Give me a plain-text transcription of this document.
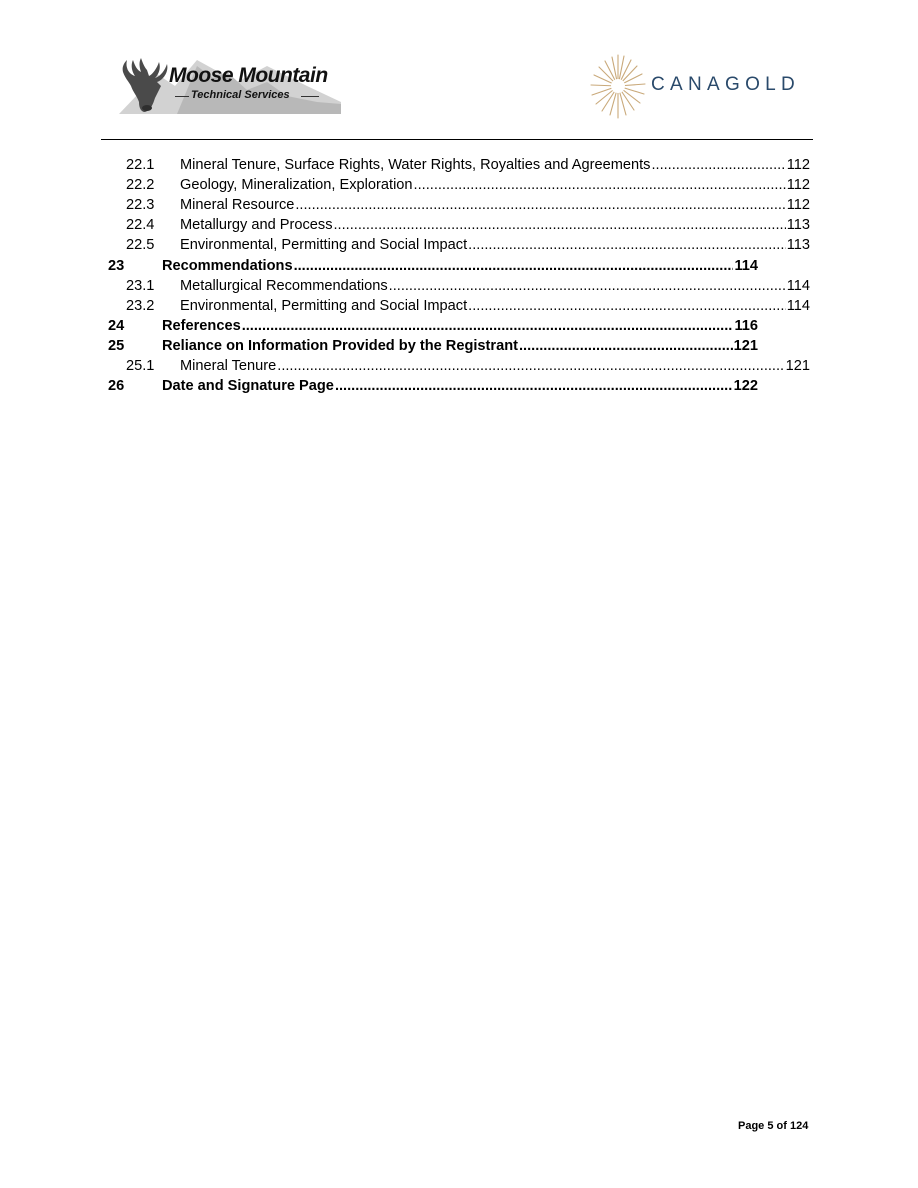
Moose Mountain
Technical Services	CANAGOLD
22.1	Mineral Tenure, Surface Rights, Water Rights, Royalties and Agreements .....	112
22.2	Geology, Mineralization, Exploration .....	112
22.3	Mineral Resource .....	112
22.4	Metallurgy and Process .....	113
22.5	Environmental, Permitting and Social Impact .....	113
23	Recommendations .....	114
23.1	Metallurgical Recommendations .....	114
23.2	Environmental, Permitting and Social Impact .....	114
24	References .....	116
25	Reliance on Information Provided by the Registrant .....	121
25.1	Mineral Tenure .....	121
26	Date and Signature Page .....	122
Page 5 of 124
